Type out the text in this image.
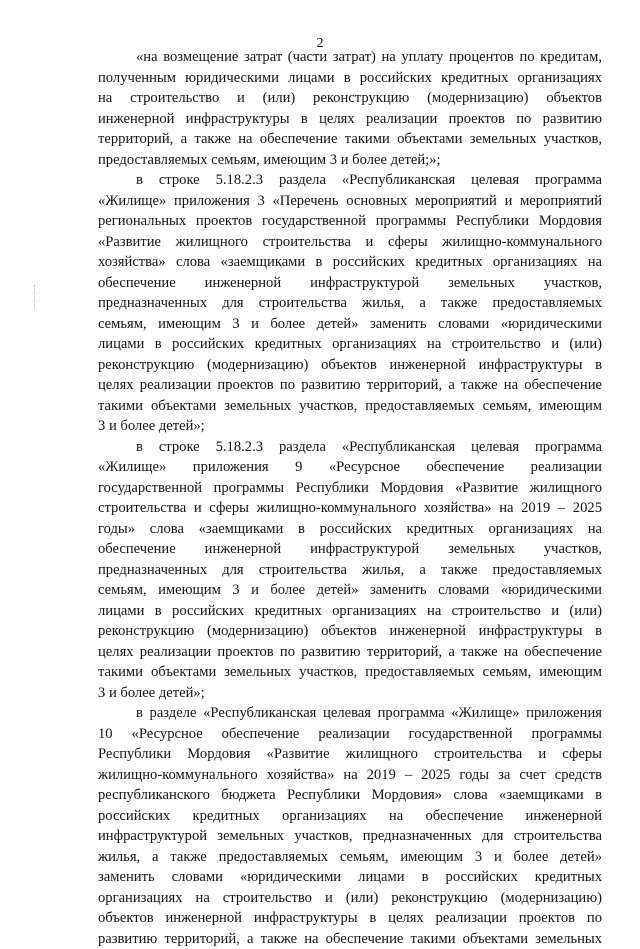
2
«на возмещение затрат (части затрат) на уплату процентов по кредитам,
полученным юридическими лицами в российских кредитных организациях
на строительство и (или) реконструкцию (модернизацию) объектов
инженерной инфраструктуры в целях реализации проектов по развитию
территорий, а также на обеспечение такими объектами земельных участков,
предоставляемых семьям, имеющим 3 и более детей;»;
в строке 5.18.2.3 раздела «Республиканская целевая программа
«Жилище» приложения 3 «Перечень основных мероприятий и мероприятий
региональных проектов государственной программы Республики Мордовия
«Развитие жилищного строительства и сферы жилищно-коммунального
хозяйства» слова «заемщиками в российских кредитных организациях на
обеспечение инженерной инфраструктурой земельных участков,
предназначенных для строительства жилья, а также предоставляемых
семьям, имеющим 3 и более детей» заменить словами «юридическими
лицами в российских кредитных организациях на строительство и (или)
реконструкцию (модернизацию) объектов инженерной инфраструктуры в
целях реализации проектов по развитию территорий, а также на обеспечение
такими объектами земельных участков, предоставляемых семьям, имеющим
3 и более детей»;
в строке 5.18.2.3 раздела «Республиканская целевая программа
«Жилище» приложения 9 «Ресурсное обеспечение реализации
государственной программы Республики Мордовия «Развитие жилищного
строительства и сферы жилищно-коммунального хозяйства» на 2019 – 2025
годы» слова «заемщиками в российских кредитных организациях на
обеспечение инженерной инфраструктурой земельных участков,
предназначенных для строительства жилья, а также предоставляемых
семьям, имеющим 3 и более детей» заменить словами «юридическими
лицами в российских кредитных организациях на строительство и (или)
реконструкцию (модернизацию) объектов инженерной инфраструктуры в
целях реализации проектов по развитию территорий, а также на обеспечение
такими объектами земельных участков, предоставляемых семьям, имеющим
3 и более детей»;
в разделе «Республиканская целевая программа «Жилище» приложения
10 «Ресурсное обеспечение реализации государственной программы
Республики Мордовия «Развитие жилищного строительства и сферы
жилищно-коммунального хозяйства» на 2019 – 2025 годы за счет средств
республиканского бюджета Республики Мордовия» слова «заемщиками в
российских кредитных организациях на обеспечение инженерной
инфраструктурой земельных участков, предназначенных для строительства
жилья, а также предоставляемых семьям, имеющим 3 и более детей»
заменить словами «юридическими лицами в российских кредитных
организациях на строительство и (или) реконструкцию (модернизацию)
объектов инженерной инфраструктуры в целях реализации проектов по
развитию территорий, а также на обеспечение такими объектами земельных
